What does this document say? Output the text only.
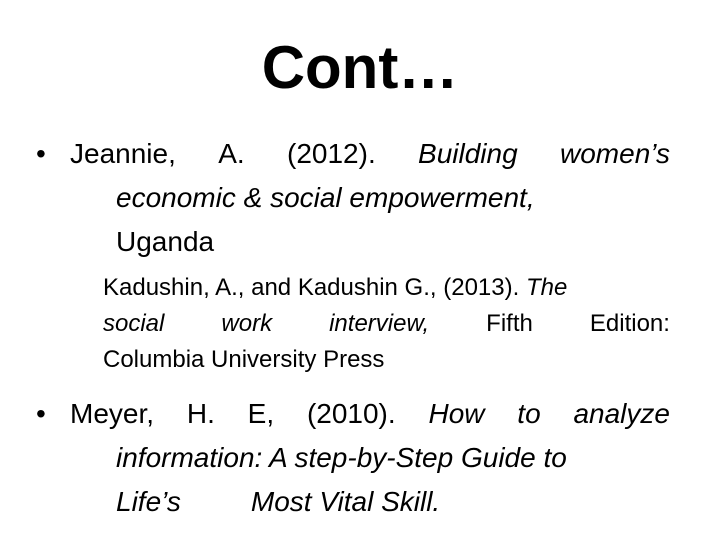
Cont…
• Jeannie, A. (2012). Building women’s
economic & social empowerment,
Uganda
Kadushin, A., and Kadushin G., (2013). The
social work interview, Fifth Edition:
Columbia University Press
• Meyer, H. E, (2010). How to analyze
information: A step-by-Step Guide to
Life’s         Most Vital Skill.
